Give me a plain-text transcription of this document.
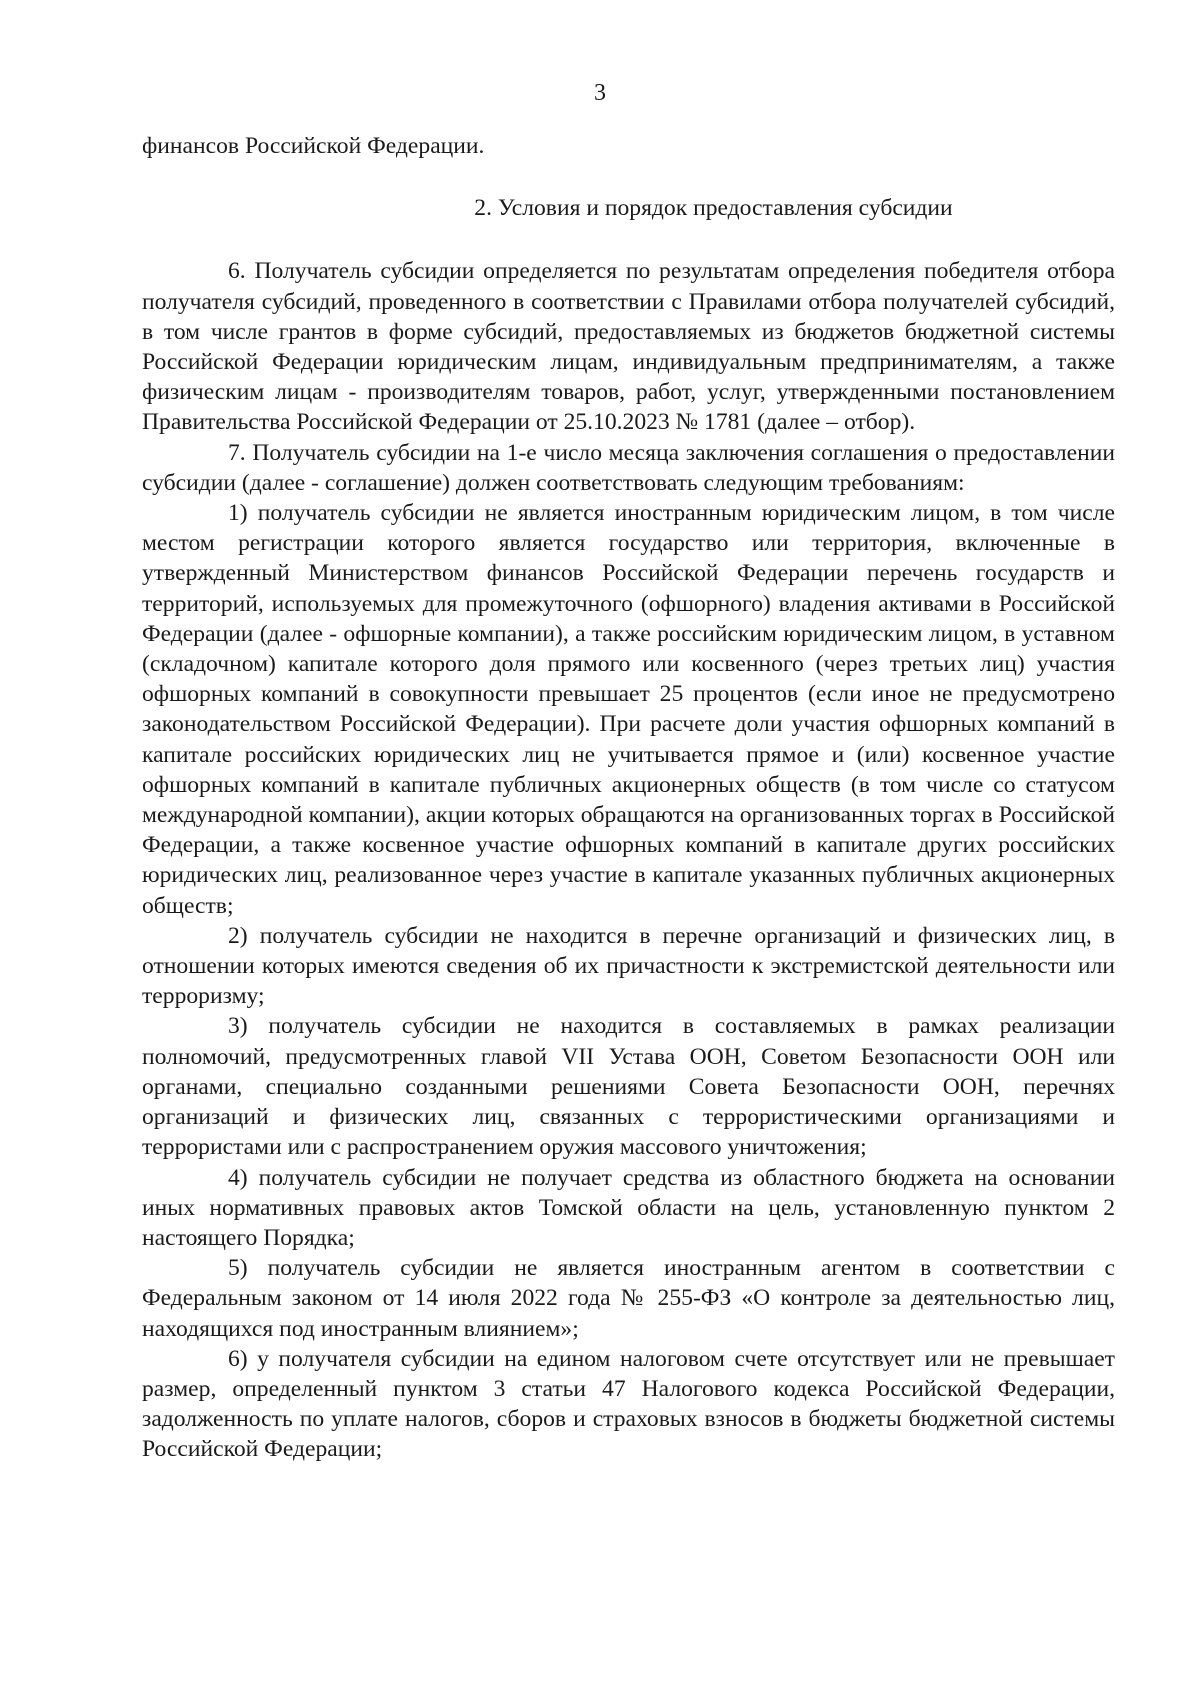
3

финансов Российской Федерации.

2. Условия и порядок предоставления субсидии

6. Получатель субсидии определяется по результатам определения победителя отбора получателя субсидий, проведенного в соответствии с Правилами отбора получателей субсидий, в том числе грантов в форме субсидий, предоставляемых из бюджетов бюджетной системы Российской Федерации юридическим лицам, индивидуальным предпринимателям, а также физическим лицам - производителям товаров, работ, услуг, утвержденными постановлением Правительства Российской Федерации от 25.10.2023 № 1781 (далее – отбор).

7. Получатель субсидии на 1-е число месяца заключения соглашения о предоставлении субсидии (далее - соглашение) должен соответствовать следующим требованиям:

1) получатель субсидии не является иностранным юридическим лицом, в том числе местом регистрации которого является государство или территория, включенные в утвержденный Министерством финансов Российской Федерации перечень государств и территорий, используемых для промежуточного (офшорного) владения активами в Российской Федерации (далее - офшорные компании), а также российским юридическим лицом, в уставном (складочном) капитале которого доля прямого или косвенного (через третьих лиц) участия офшорных компаний в совокупности превышает 25 процентов (если иное не предусмотрено законодательством Российской Федерации). При расчете доли участия офшорных компаний в капитале российских юридических лиц не учитывается прямое и (или) косвенное участие офшорных компаний в капитале публичных акционерных обществ (в том числе со статусом международной компании), акции которых обращаются на организованных торгах в Российской Федерации, а также косвенное участие офшорных компаний в капитале других российских юридических лиц, реализованное через участие в капитале указанных публичных акционерных обществ;

2) получатель субсидии не находится в перечне организаций и физических лиц, в отношении которых имеются сведения об их причастности к экстремистской деятельности или терроризму;

3) получатель субсидии не находится в составляемых в рамках реализации полномочий, предусмотренных главой VII Устава ООН, Советом Безопасности ООН или органами, специально созданными решениями Совета Безопасности ООН, перечнях организаций и физических лиц, связанных с террористическими организациями и террористами или с распространением оружия массового уничтожения;

4) получатель субсидии не получает средства из областного бюджета на основании иных нормативных правовых актов Томской области на цель, установленную пунктом 2 настоящего Порядка;

5) получатель субсидии не является иностранным агентом в соответствии с Федеральным законом от 14 июля 2022 года № 255-ФЗ «О контроле за деятельностью лиц, находящихся под иностранным влиянием»;

6) у получателя субсидии на едином налоговом счете отсутствует или не превышает размер, определенный пунктом 3 статьи 47 Налогового кодекса Российской Федерации, задолженность по уплате налогов, сборов и страховых взносов в бюджеты бюджетной системы Российской Федерации;
